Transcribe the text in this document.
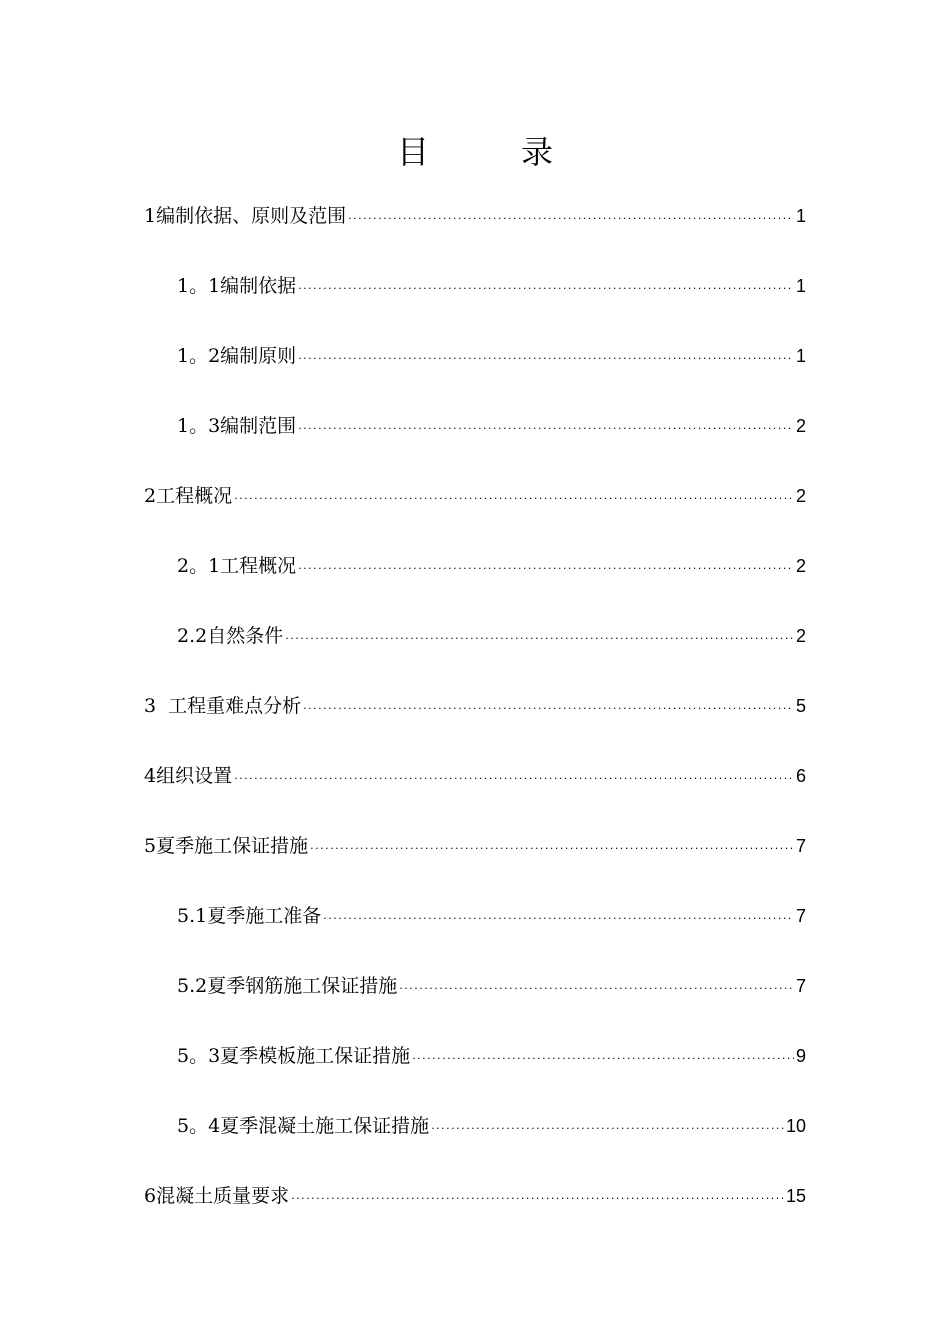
目　录
1编制依据、原则及范围 .....	1
1。1编制依据 .....	1
1。2编制原则 .....	1
1。3编制范围 .....	2
2工程概况 .....	2
2。1工程概况 .....	2
2.2自然条件 .....	2
3  工程重难点分析 .....	5
4组织设置 .....	6
5夏季施工保证措施 .....	7
5.1夏季施工准备 .....	7
5.2夏季钢筋施工保证措施 .....	7
5。3夏季模板施工保证措施 .....	9
5。4夏季混凝土施工保证措施 .....	10
6混凝土质量要求 .....	15
